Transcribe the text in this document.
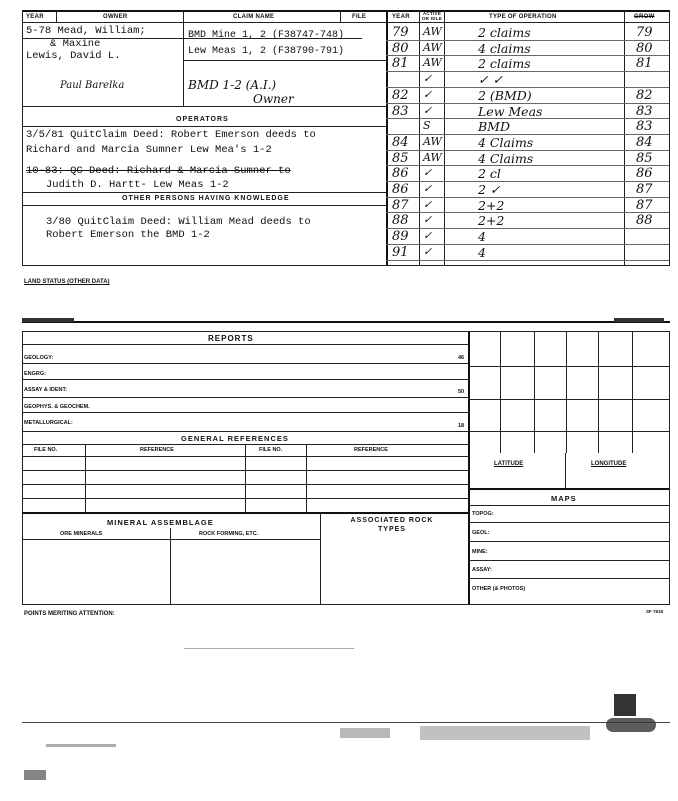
YEAR	OWNER	CLAIM NAME	FILE	YEAR
ACTIVE OR IDLE	TYPE OF OPERATION	GROW
5-78 Mead, William;
& Maxine
Lewis, David L.
Paul Barelka
BMD Mine 1, 2 (F38747-748)
Lew Meas 1, 2 (F38790-791)
BMD 1-2 (A.I.)
Owner
OPERATORS
3/5/81 QuitClaim Deed: Robert Emerson deeds to
Richard and Marcia Sumner Lew Mea's 1-2
10-83: QC Deed: Richard & Marcia Sumner to
Judith D. Hartt- Lew Meas 1-2
OTHER PERSONS HAVING KNOWLEDGE
3/80 QuitClaim Deed: William Mead deeds to
Robert Emerson the BMD 1-2
79 AW	2 claims	79
80 AW	4 claims	80
81 AW	2 claims	81
✓	✓ ✓
82 ✓	2 (BMD)	82
83 ✓	Lew Meas	83
S	BMD	83
84 AW	4 Claims	84
85 AW	4 Claims	85
86 ✓	2 cl	86
86 ✓	2 ✓	87
87 ✓	2+2	87
88 ✓	2+2	88
89 ✓	4
91 ✓	4
LAND STATUS (OTHER DATA)
REPORTS
GEOLOGY:	46
ENGRG:
ASSAY & IDENT:	50
GEOPHYS. & GEOCHEM.
METALLURGICAL:	18
GENERAL REFERENCES
FILE NO.	REFERENCE	FILE NO.	REFERENCE
MINERAL ASSEMBLAGE
ORE MINERALS	ROCK FORMING, ETC.
ASSOCIATED ROCK TYPES
LATITUDE	LONGITUDE
MAPS
TOPOG:
GEOL:
MINE:
ASSAY:
OTHER (& PHOTOS)
POINTS MERITING ATTENTION:	SF 7818
